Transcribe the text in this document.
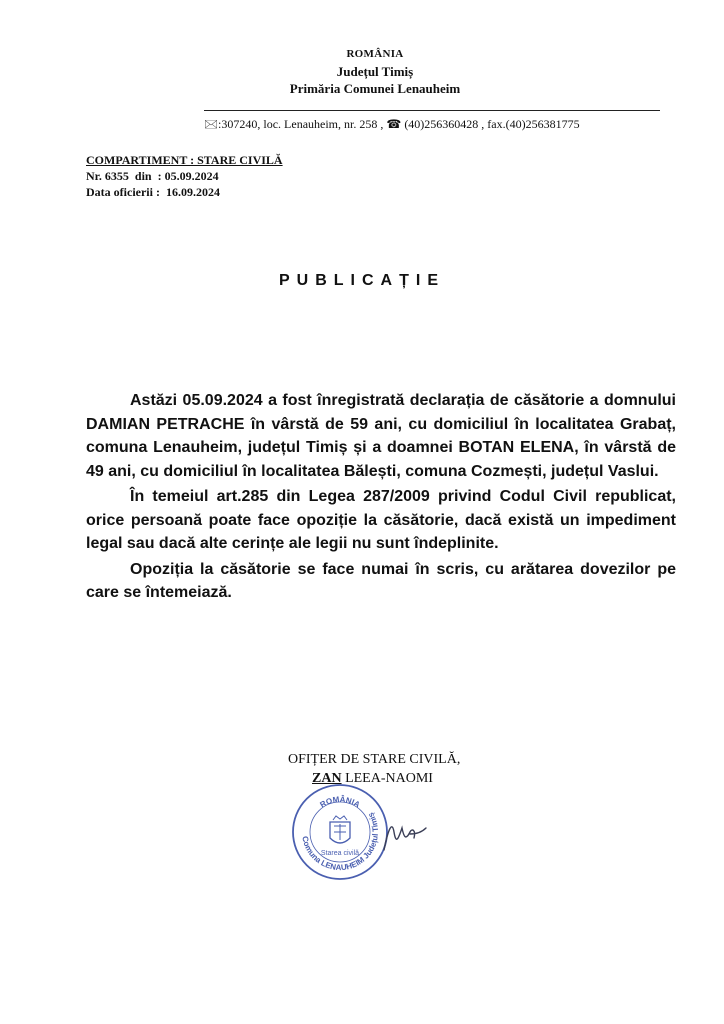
ROMÂNIA
Județul Timiș
Primăria Comunei Lenauheim
🖂:307240, loc. Lenauheim, nr. 258 , ☎ (40)256360428 , fax.(40)256381775
COMPARTIMENT : STARE CIVILĂ
Nr. 6355  din  : 05.09.2024
Data oficierii :  16.09.2024
PUBLICAȚIE

Astăzi 05.09.2024 a fost înregistrată declarația de căsătorie a domnului DAMIAN PETRACHE în vârstă de 59 ani, cu domiciliul în localitatea Grabaț, comuna Lenauheim, județul Timiș și a doamnei BOTAN ELENA, în vârstă de 49 ani, cu domiciliul în localitatea Bălești, comuna Cozmești, județul Vaslui.

În temeiul art.285 din Legea 287/2009 privind Codul Civil republicat, orice persoană poate face opoziție la căsătorie, dacă există un impediment legal sau dacă alte cerințe ale legii nu sunt îndeplinite.

Opoziția la căsătorie se face numai în scris, cu arătarea dovezilor pe care se întemeiază.

OFIȚER DE STARE CIVILĂ,
ZAN LEEA-NAOMI
Comuna LENAUHEIM Județul Timiș
ROMÂNIA
Starea civilă
